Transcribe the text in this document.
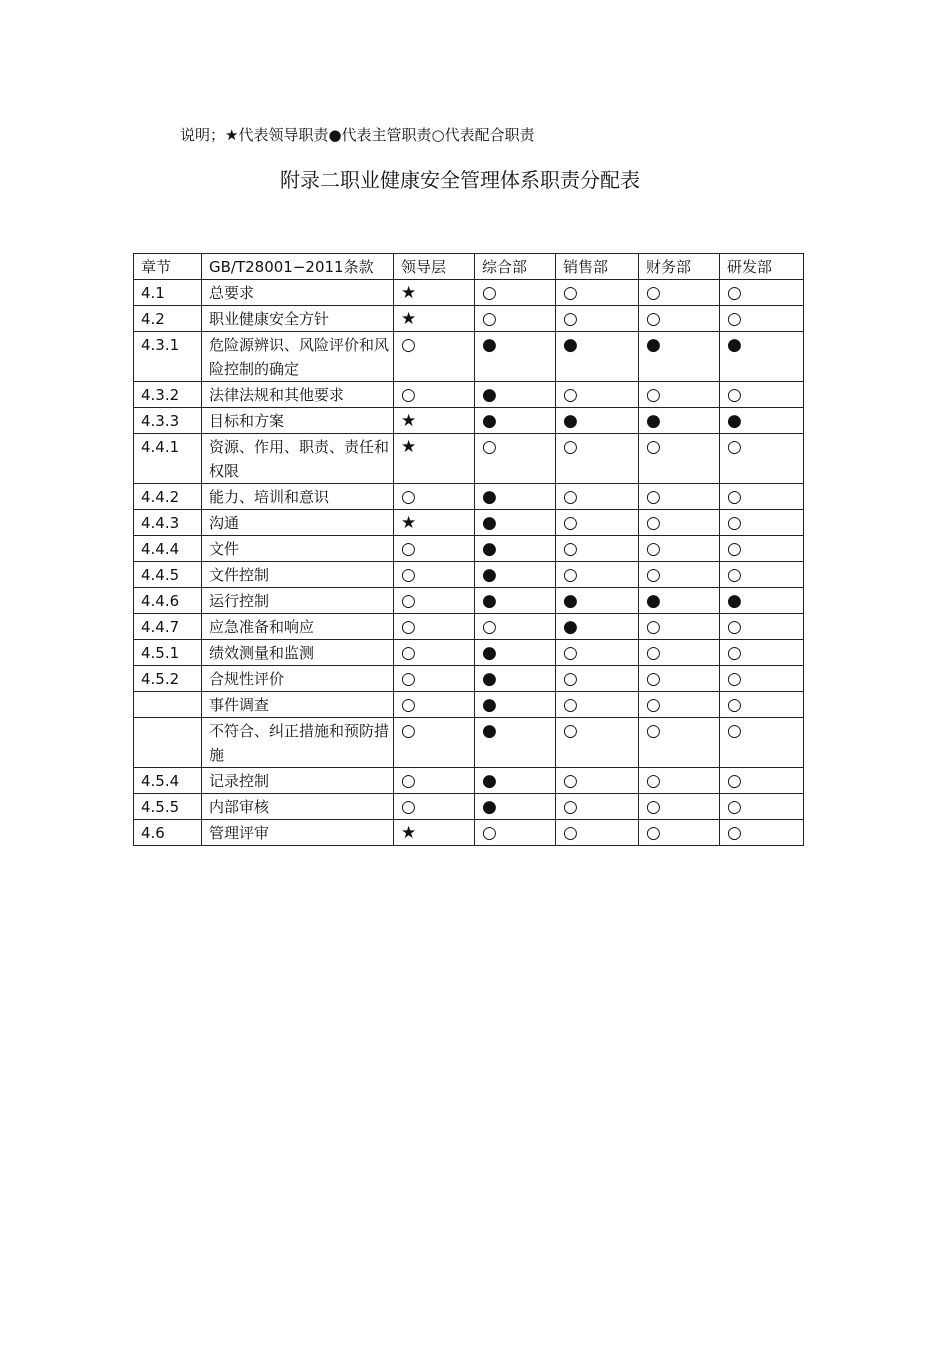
说明；★代表领导职责●代表主管职责○代表配合职责
附录二职业健康安全管理体系职责分配表
章节	GB/T28001−2011条款	领导层	综合部	销售部	财务部	研发部
4.1	总要求	★	○	○	○	○
4.2	职业健康安全方针	★	○	○	○	○
4.3.1	危险源辨识、风险评价和风险控制的确定	○	●	●	●	●
4.3.2	法律法规和其他要求	○	●	○	○	○
4.3.3	目标和方案	★	●	●	●	●
4.4.1	资源、作用、职责、责任和权限	★	○	○	○	○
4.4.2	能力、培训和意识	○	●	○	○	○
4.4.3	沟通	★	●	○	○	○
4.4.4	文件	○	●	○	○	○
4.4.5	文件控制	○	●	○	○	○
4.4.6	运行控制	○	●	●	●	●
4.4.7	应急准备和响应	○	○	●	○	○
4.5.1	绩效测量和监测	○	●	○	○	○
4.5.2	合规性评价	○	●	○	○	○
	事件调查	○	●	○	○	○
	不符合、纠正措施和预防措施	○	●	○	○	○
4.5.4	记录控制	○	●	○	○	○
4.5.5	内部审核	○	●	○	○	○
4.6	管理评审	★	○	○	○	○
